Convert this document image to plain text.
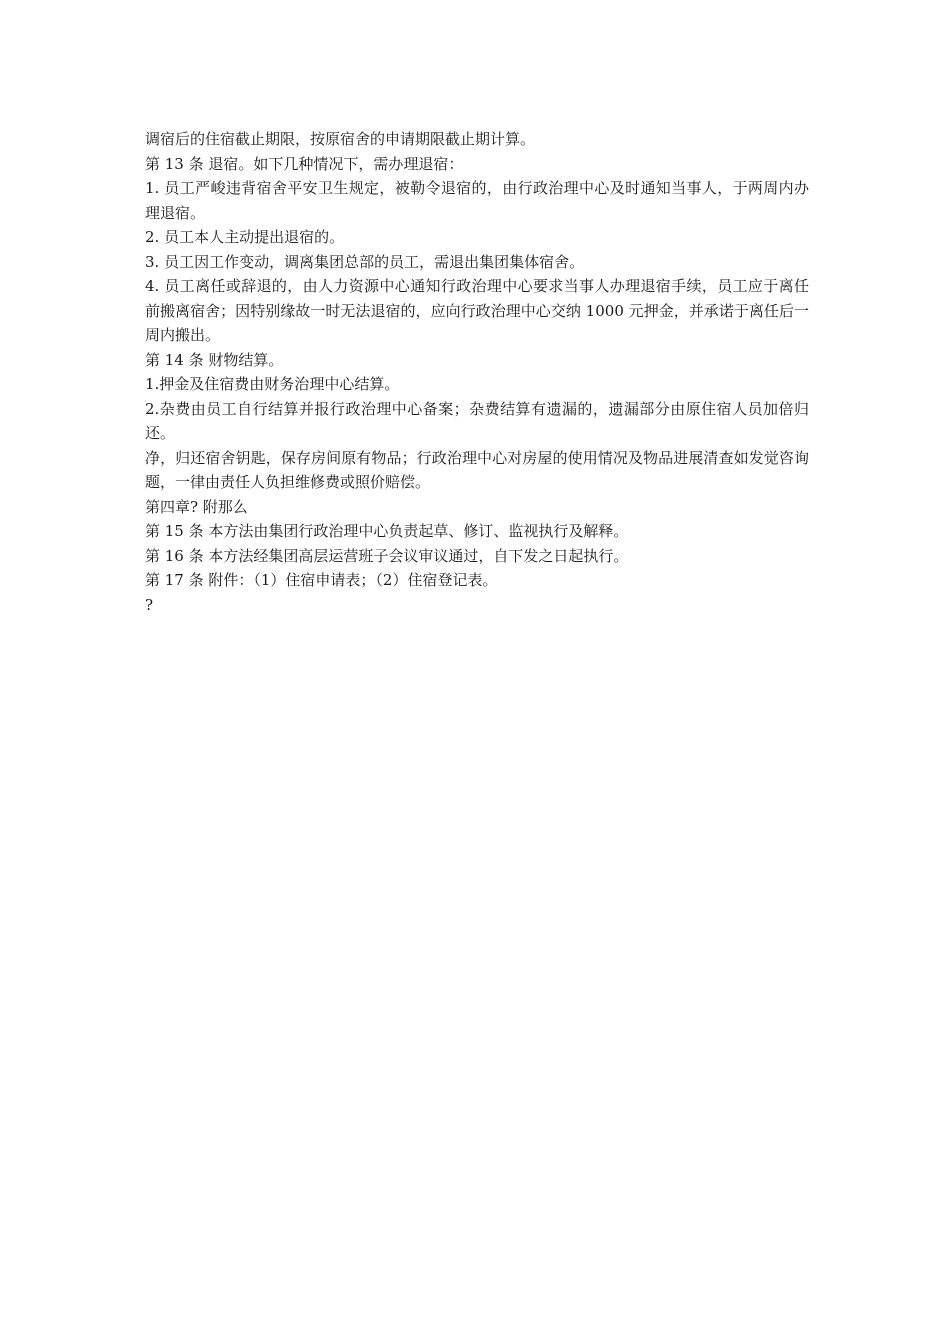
调宿后的住宿截止期限，按原宿舍的申请期限截止期计算。

第 13 条 退宿。如下几种情况下，需办理退宿：

1. 员工严峻违背宿舍平安卫生规定，被勒令退宿的，由行政治理中心及时通知当事人，于两周内办理退宿。

2. 员工本人主动提出退宿的。

3. 员工因工作变动，调离集团总部的员工，需退出集团集体宿舍。

4. 员工离任或辞退的，由人力资源中心通知行政治理中心要求当事人办理退宿手续，员工应于离任前搬离宿舍；因特别缘故一时无法退宿的，应向行政治理中心交纳 1000 元押金，并承诺于离任后一周内搬出。

第 14 条 财物结算。

1.押金及住宿费由财务治理中心结算。

2.杂费由员工自行结算并报行政治理中心备案；杂费结算有遗漏的，遗漏部分由原住宿人员加倍归还。

净，归还宿舍钥匙，保存房间原有物品；行政治理中心对房屋的使用情况及物品进展清查如发觉咨询题，一律由责任人负担维修费或照价赔偿。

第四章? 附那么

第 15 条 本方法由集团行政治理中心负责起草、修订、监视执行及解释。

第 16 条 本方法经集团高层运营班子会议审议通过，自下发之日起执行。

第 17 条 附件：（1）住宿申请表；（2）住宿登记表。

?
